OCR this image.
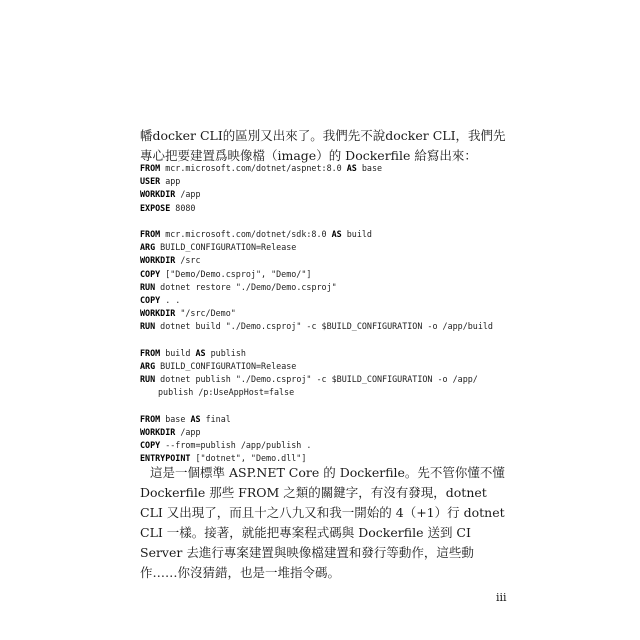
幡docker CLI的區別又出來了。我們先不說docker CLI，我們先專心把要建置爲映像檔（image）的 Dockerfile 給寫出來：

FROM mcr.microsoft.com/dotnet/aspnet:8.0 AS base
USER app
WORKDIR /app
EXPOSE 8080
FROM mcr.microsoft.com/dotnet/sdk:8.0 AS build
ARG BUILD_CONFIGURATION=Release
WORKDIR /src
COPY ["Demo/Demo.csproj", "Demo/"]
RUN dotnet restore "./Demo/Demo.csproj"
COPY . .
WORKDIR "/src/Demo"
RUN dotnet build "./Demo.csproj" -c $BUILD_CONFIGURATION -o /app/build
FROM build AS publish
ARG BUILD_CONFIGURATION=Release
RUN dotnet publish "./Demo.csproj" -c $BUILD_CONFIGURATION -o /app/
publish /p:UseAppHost=false
FROM base AS final
WORKDIR /app
COPY --from=publish /app/publish .
ENTRYPOINT ["dotnet", "Demo.dll"]

這是一個標準 ASP.NET Core 的 Dockerfile。先不管你懂不懂 Dockerfile 那些 FROM 之類的關鍵字，有沒有發現，dotnet CLI 又出現了，而且十之八九又和我一開始的 4（+1）行 dotnet CLI 一樣。接著，就能把專案程式碼與 Dockerfile 送到 CI Server 去進行專案建置與映像檔建置和發行等動作，這些動作……你沒猜錯，也是一堆指令碼。

iii
